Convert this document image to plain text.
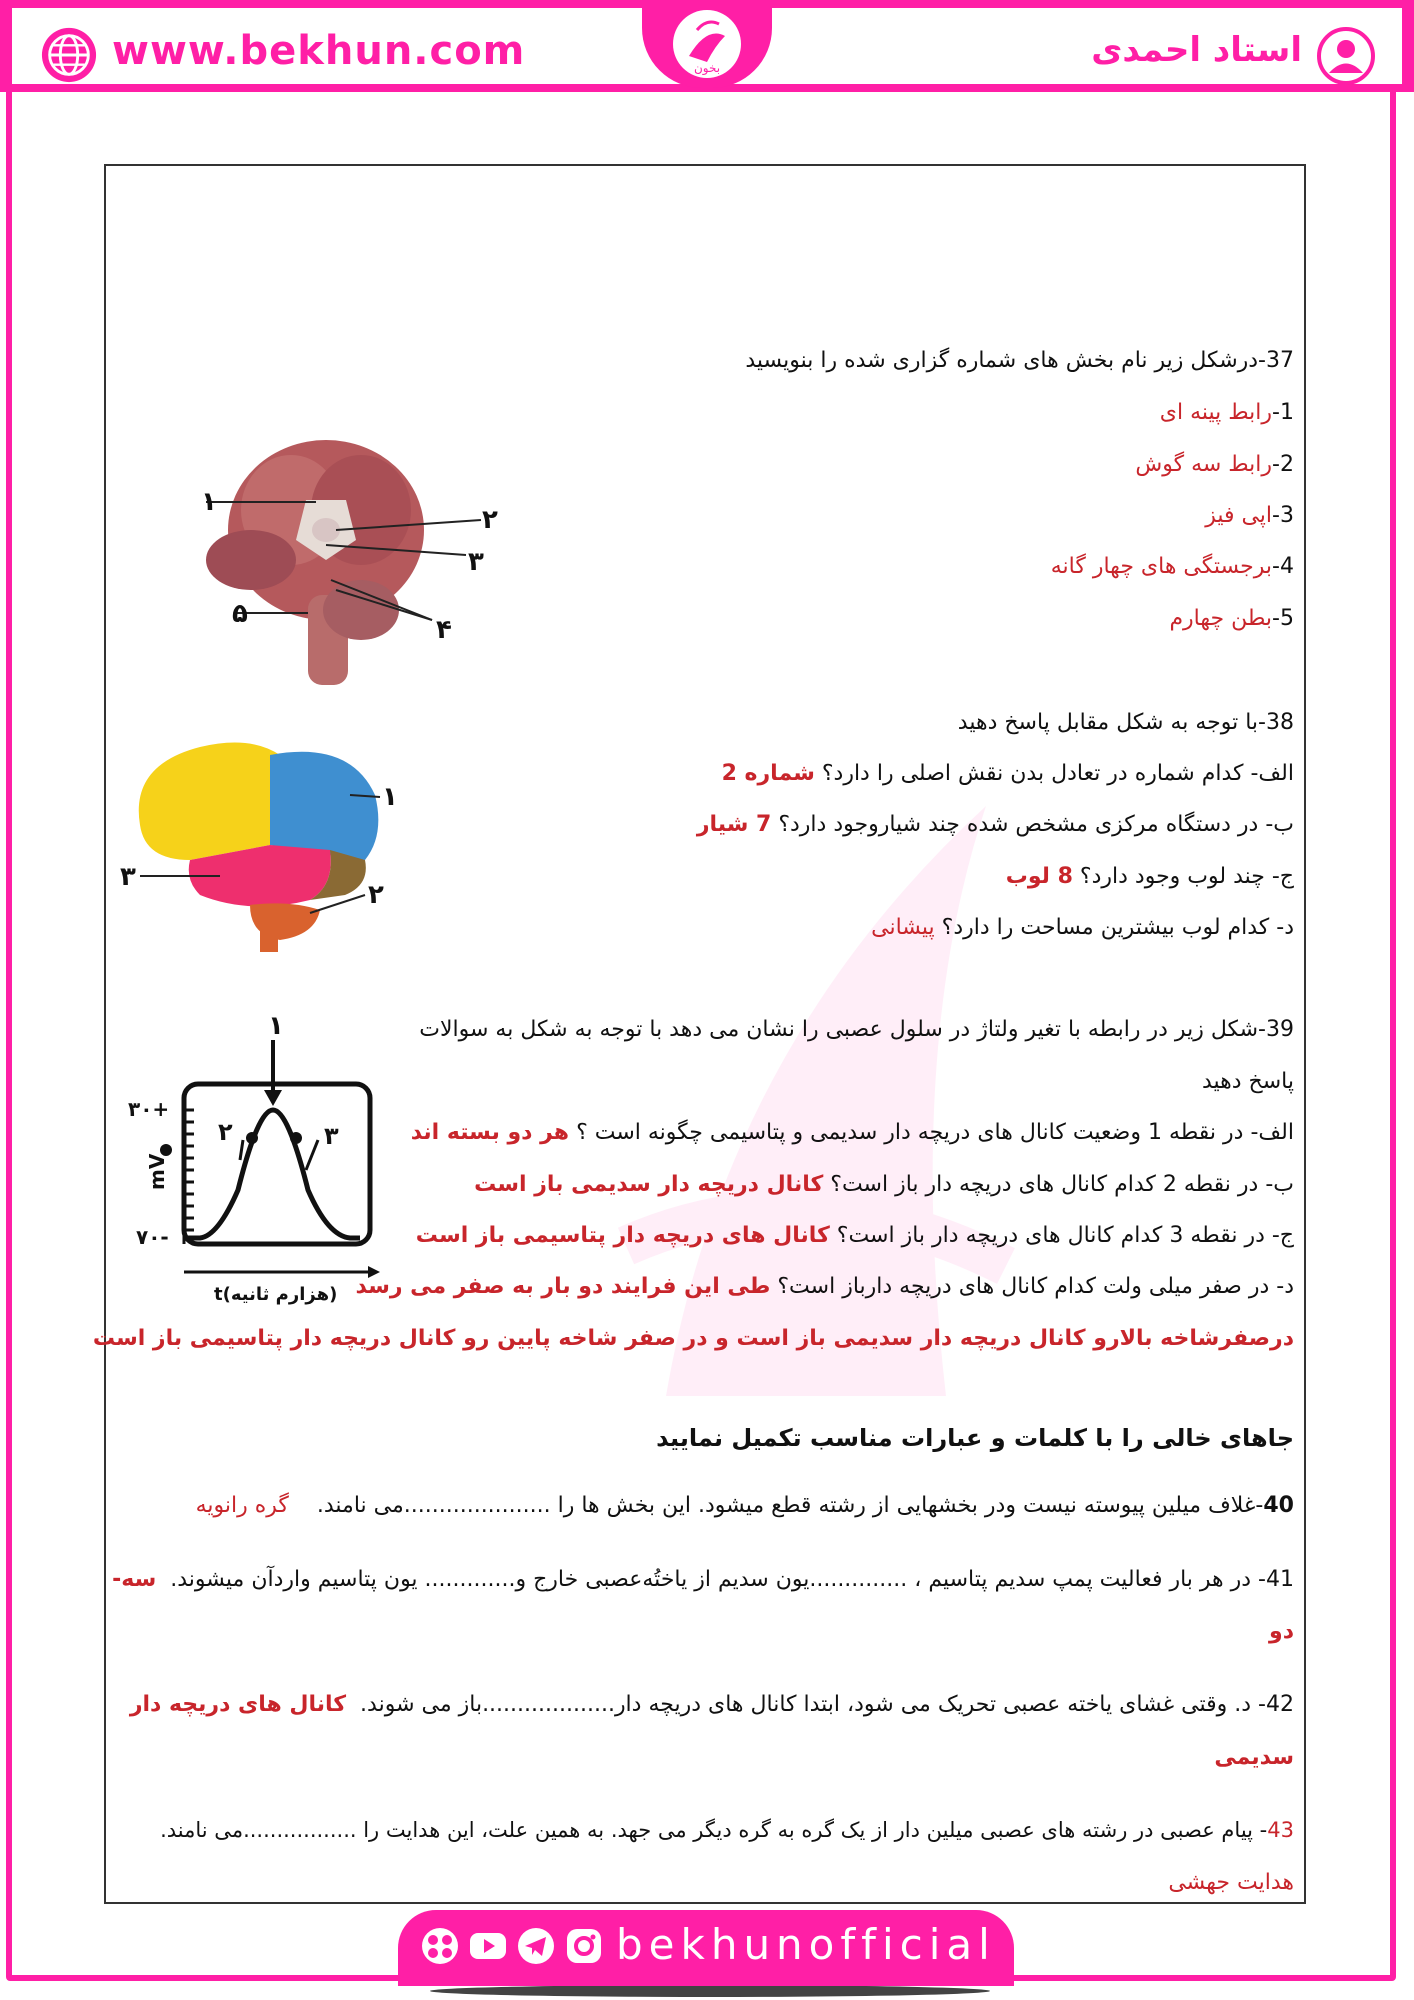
www.bekhun.com	استاد احمدی
بخون
37-درشکل زیر نام بخش های شماره گزاری شده را بنویسید
1-رابط پینه ای
2-رابط سه گوش
3-اپی فیز
4-برجستگی های چهار گانه
5-بطن چهارم
۱
۲
۳
۴
۵
38-با توجه به شکل مقابل پاسخ دهید
الف- کدام شماره در تعادل بدن نقش اصلی را دارد؟ شماره 2
ب- در دستگاه مرکزی مشخص شده چند شیاروجود دارد؟ 7 شیار
ج- چند لوب وجود دارد؟ 8 لوب
د- کدام لوب بیشترین مساحت را دارد؟ پیشانی
۱
۲
۳
39-شکل زیر در رابطه با تغیر ولتاژ در سلول عصبی را نشان می دهد با توجه به شکل به سوالات
پاسخ دهید
الف- در نقطه 1 وضعیت کانال های دریچه دار سدیمی و پتاسیمی چگونه است ؟ هر دو بسته اند
ب- در نقطه 2 کدام کانال های دریچه دار باز است؟ کانال دریچه دار سدیمی باز است
ج- در نقطه 3 کدام کانال های دریچه دار باز است؟ کانال های دریچه دار پتاسیمی باز است
د- در صفر میلی ولت کدام کانال های دریچه دارباز است؟ طی این فرایند دو بار به صفر می رسد
درصفرشاخه بالارو کانال دریچه دار سدیمی باز است و در صفر شاخه پایین رو کانال دریچه دار پتاسیمی باز است
۱
۲	۳
۳۰+
۷۰-
mV
t(هزارم ثانیه)
جاهای خالی را با کلمات و عبارات مناسب تکمیل نمایید
40-غلاف میلین پیوسته نیست ودر بخشهایی از رشته قطع میشود. این بخش ها را .....................می نامند.    گره رانویه
41- در هر بار فعالیت پمپ سدیم پتاسیم ، ..............یون سدیم از یاختُه‌عصبی خارج و............. یون پتاسیم واردآن میشوند.  سه-
دو
42- د. وقتی غشای یاخته عصبی تحریک می شود، ابتدا کانال های دریچه دار...................باز می شوند.  کانال های دریچه دار
سدیمی
43- پیام عصبی در رشته های عصبی میلین دار از یک گره به گره دیگر می جهد. به همین علت، این هدایت را .................می نامند.
هدایت جهشی
bekhunofficial
